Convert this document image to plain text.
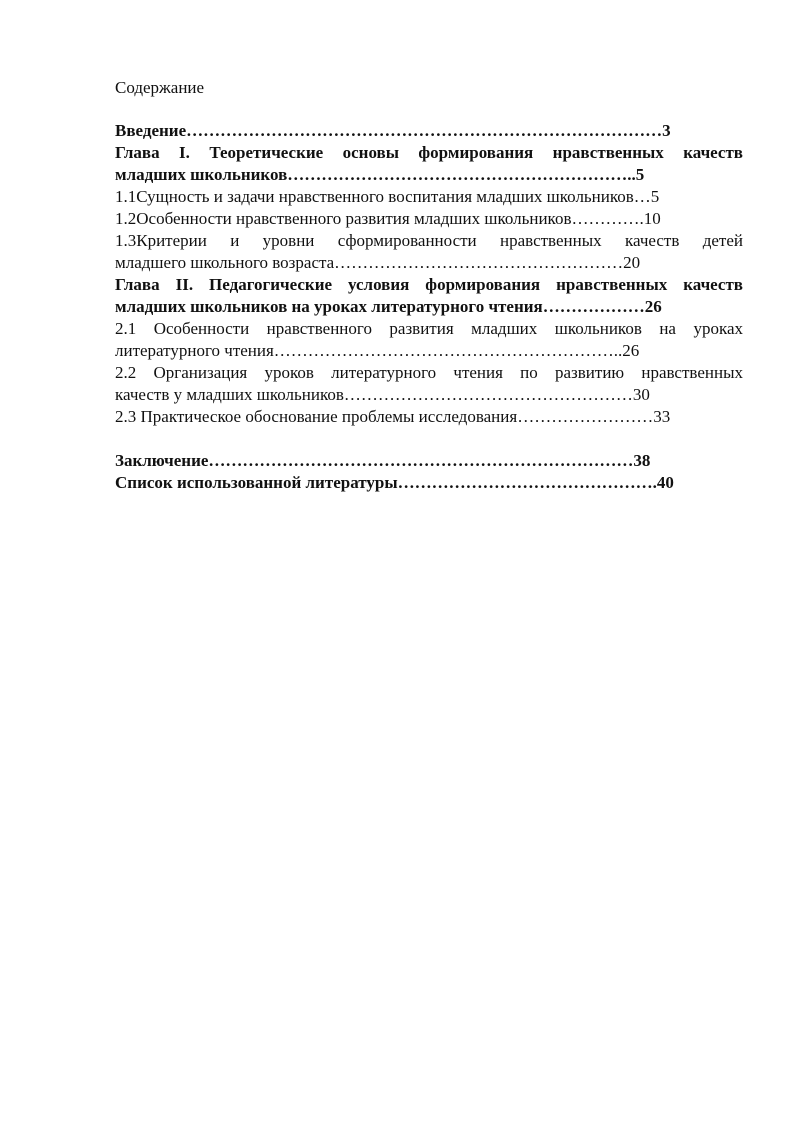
Содержание
Введение…………………………………………………………………………3
Глава I. Теоретические основы формирования нравственных качеств
младших школьников……………………………………………………..5
1.1Сущность и задачи нравственного воспитания младших школьников…5
1.2Особенности нравственного развития младших школьников………….10
1.3Критерии и уровни сформированности нравственных качеств детей
младшего школьного возраста……………………………………………20
Глава II. Педагогические условия формирования нравственных качеств
младших школьников на уроках литературного чтения………………26
2.1 Особенности нравственного развития младших школьников на уроках
литературного чтения……………………………………………………..26
2.2 Организация уроков литературного чтения по развитию нравственных
качеств у младших школьников……………………………………………30
2.3 Практическое обоснование проблемы исследования……………………33
Заключение…………………………………………………………………38
Список использованной литературы……………………………………….40
